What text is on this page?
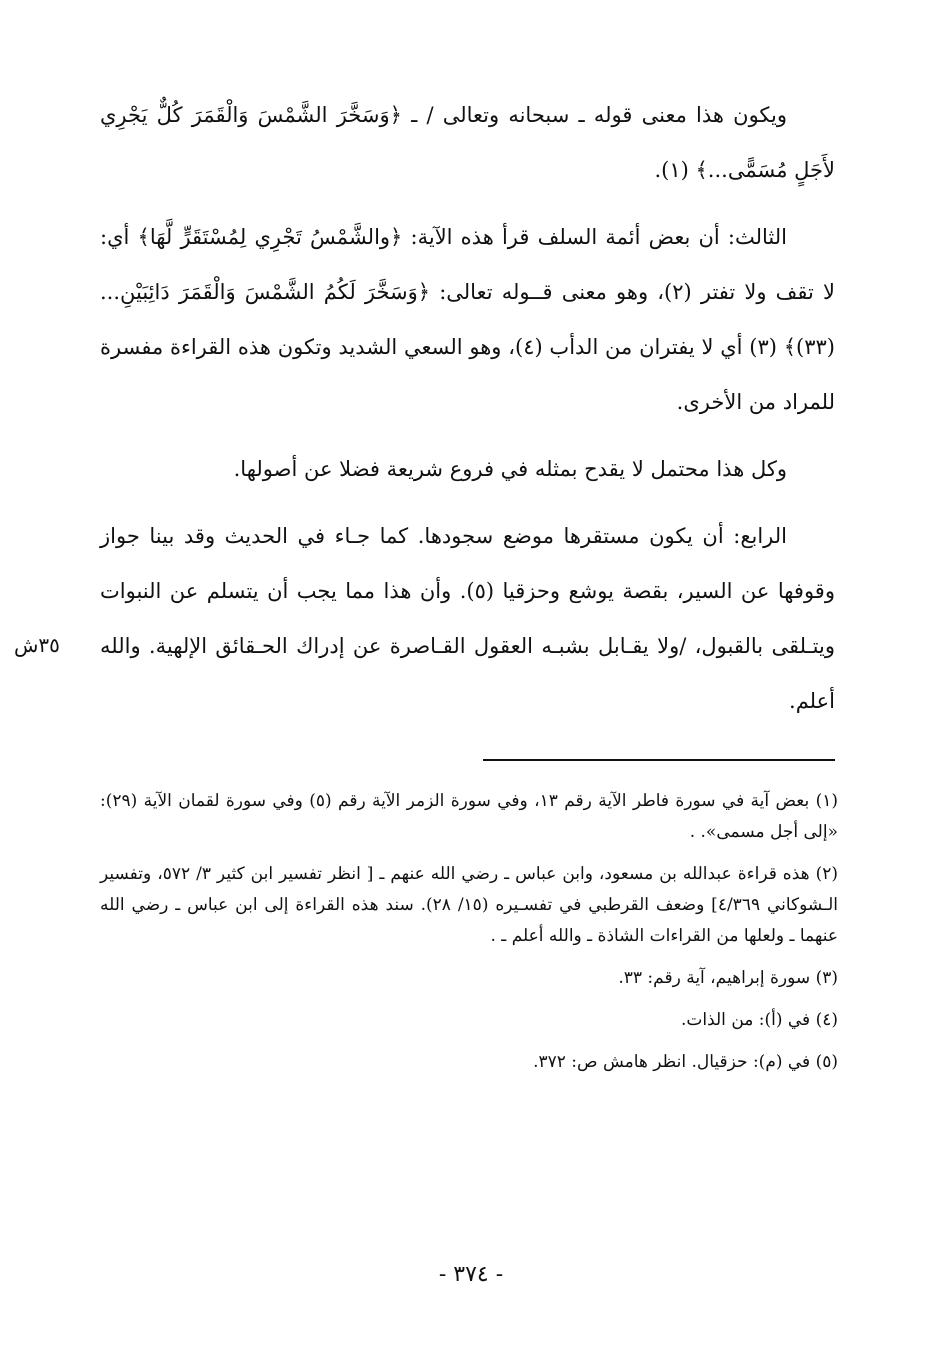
ويكون هذا معنى قوله ـ سبحانه وتعالى / ـ ﴿وَسَخَّرَ الشَّمْسَ وَالْقَمَرَ كُلٌّ يَجْرِي لأَجَلٍ مُسَمًّى...﴾ (١).

الثالث: أن بعض أئمة السلف قرأ هذه الآية: ﴿والشَّمْسُ تَجْرِي لِمُسْتَقَرٍّ لَّهَا﴾ أي: لا تقف ولا تفتر (٢)، وهو معنى قــوله تعالى: ﴿وَسَخَّرَ لَكُمُ الشَّمْسَ وَالْقَمَرَ دَائِبَيْنِ... (٣٣)﴾ (٣) أي لا يفتران من الدأب (٤)، وهو السعي الشديد وتكون هذه القراءة مفسرة للمراد من الأخرى.

وكل هذا محتمل لا يقدح بمثله في فروع شريعة فضلا عن أصولها.

الرابع: أن يكون مستقرها موضع سجودها. كما جـاء في الحديث وقد بينا جواز وقوفها عن السير، بقصة يوشع وحزقيا (٥). وأن هذا مما يجب أن يتسلم عن النبوات ويتـلقى بالقبول، /ولا يقـابل بشبـه العقول القـاصرة عن إدراك الحـقائق الإلهية. والله أعلم.

٣٥ش
(١) بعض آية في سورة فاطر الآية رقم ١٣، وفي سورة الزمر الآية رقم (٥) وفي سورة لقمان الآية (٢٩): «إلى أجل مسمى». .
(٢) هذه قراءة عبدالله بن مسعود، وابن عباس ـ رضي الله عنهم ـ [ انظر تفسير ابن كثير ٣/ ٥٧٢، وتفسير الـشوكاني ٤/٣٦٩] وضعف القرطبي في تفسـيره (١٥/ ٢٨). سند هذه القراءة إلى ابن عباس ـ رضي الله عنهما ـ ولعلها من القراءات الشاذة ـ والله أعلم ـ .
(٣) سورة إبراهيم، آية رقم: ٣٣.
(٤) في (أ): من الذات.
(٥) في (م): حزقيال. انظر هامش ص: ٣٧٢.
- ٣٧٤ -
